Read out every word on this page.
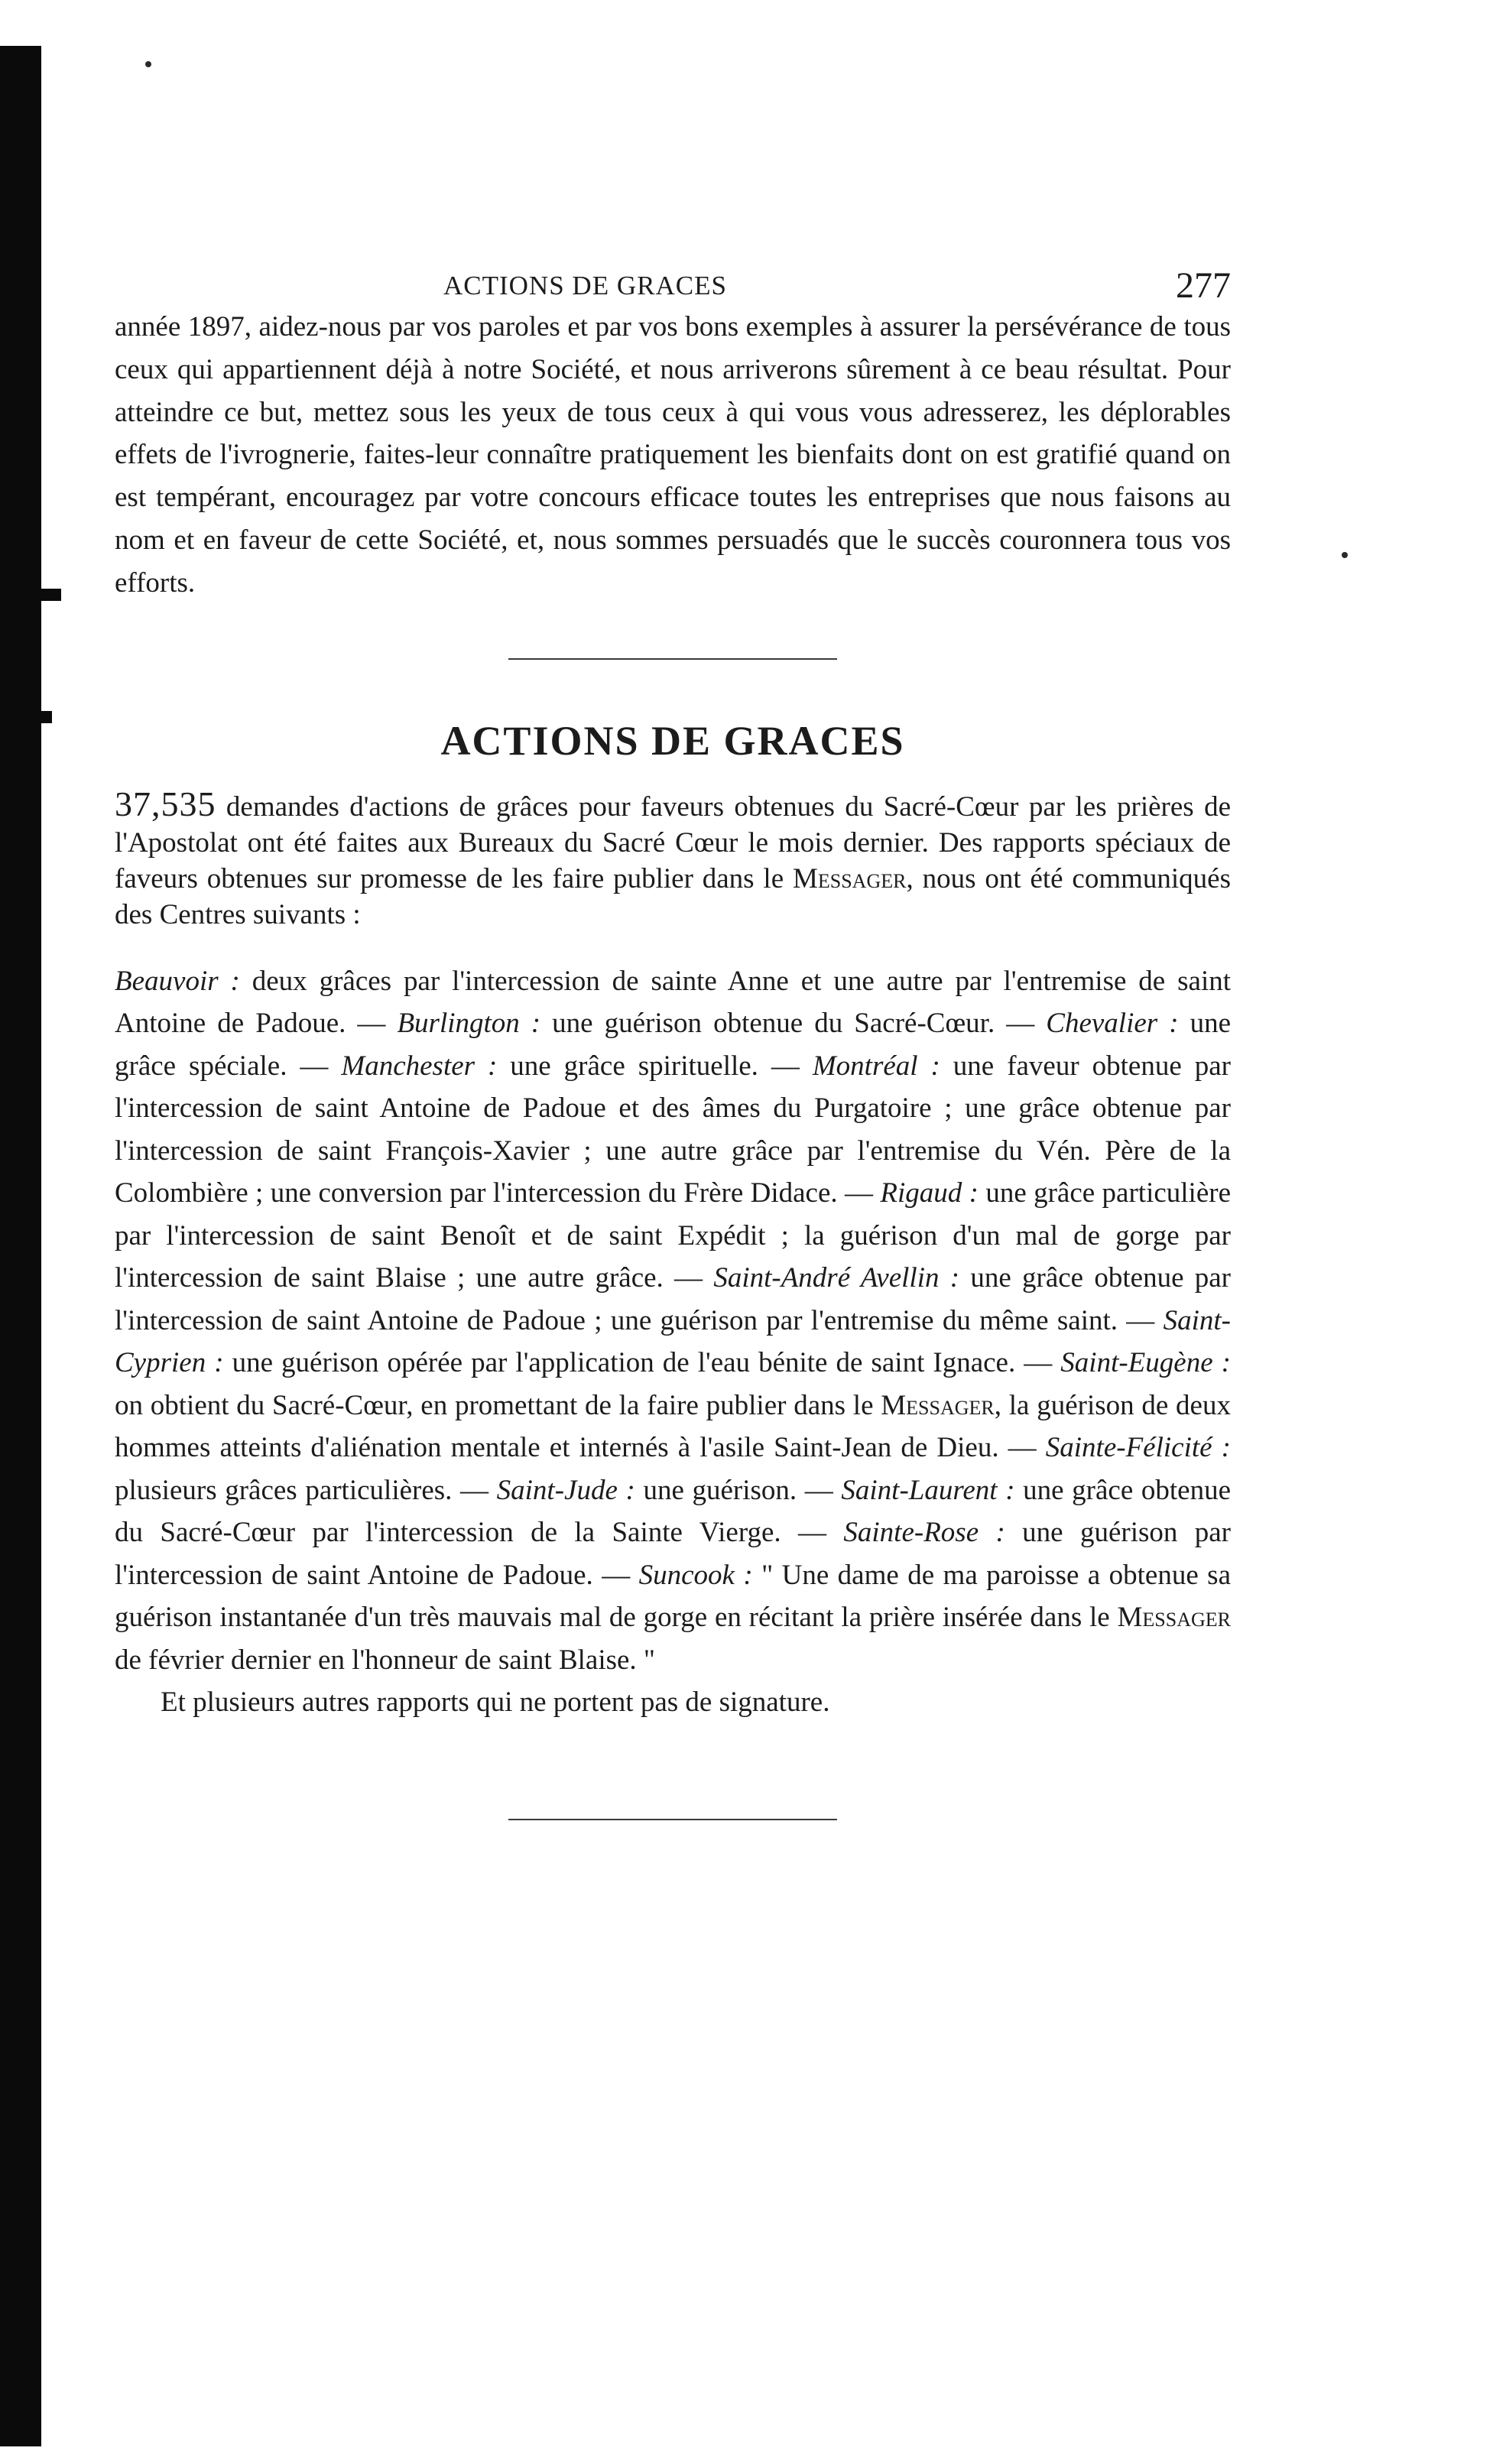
ACTIONS DE GRACES	277

année 1897, aidez-nous par vos paroles et par vos bons exemples à assurer la persévérance de tous ceux qui appartiennent déjà à notre Société, et nous arriverons sûrement à ce beau résultat. Pour atteindre ce but, mettez sous les yeux de tous ceux à qui vous vous adresserez, les déplorables effets de l'ivrognerie, faites-leur connaître pratiquement les bienfaits dont on est gratifié quand on est tempérant, encouragez par votre concours efficace toutes les entreprises que nous faisons au nom et en faveur de cette Société, et, nous sommes persuadés que le succès couronnera tous vos efforts.

ACTIONS DE GRACES

37,535 demandes d'actions de grâces pour faveurs obtenues du Sacré-Cœur par les prières de l'Apostolat ont été faites aux Bureaux du Sacré Cœur le mois dernier. Des rapports spéciaux de faveurs obtenues sur promesse de les faire publier dans le Messager, nous ont été communiqués des Centres suivants :

Beauvoir : deux grâces par l'intercession de sainte Anne et une autre par l'entremise de saint Antoine de Padoue. — Burlington : une guérison obtenue du Sacré-Cœur. — Chevalier : une grâce spéciale. — Manchester : une grâce spirituelle. — Montréal : une faveur obtenue par l'intercession de saint Antoine de Padoue et des âmes du Purgatoire ; une grâce obtenue par l'intercession de saint François-Xavier ; une autre grâce par l'entremise du Vén. Père de la Colombière ; une conversion par l'intercession du Frère Didace. — Rigaud : une grâce particulière par l'intercession de saint Benoît et de saint Expédit ; la guérison d'un mal de gorge par l'intercession de saint Blaise ; une autre grâce. — Saint-André Avellin : une grâce obtenue par l'intercession de saint Antoine de Padoue ; une guérison par l'entremise du même saint. — Saint-Cyprien : une guérison opérée par l'application de l'eau bénite de saint Ignace. — Saint-Eugène : on obtient du Sacré-Cœur, en promettant de la faire publier dans le Messager, la guérison de deux hommes atteints d'aliénation mentale et internés à l'asile Saint-Jean de Dieu. — Sainte-Félicité : plusieurs grâces particulières. — Saint-Jude : une guérison. — Saint-Laurent : une grâce obtenue du Sacré-Cœur par l'intercession de la Sainte Vierge. — Sainte-Rose : une guérison par l'intercession de saint Antoine de Padoue. — Suncook : " Une dame de ma paroisse a obtenue sa guérison instantanée d'un très mauvais mal de gorge en récitant la prière insérée dans le Messager de février dernier en l'honneur de saint Blaise. "

Et plusieurs autres rapports qui ne portent pas de signature.
